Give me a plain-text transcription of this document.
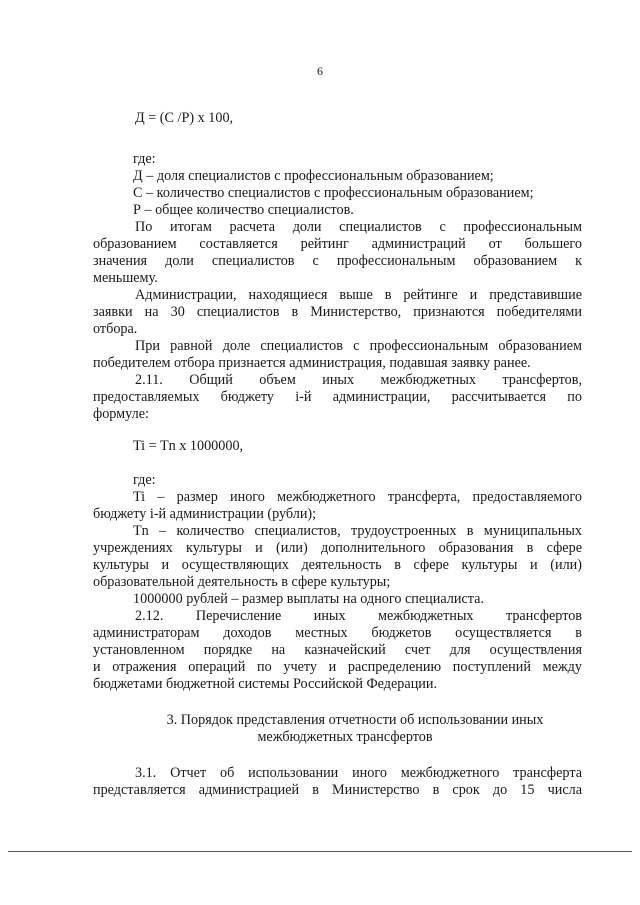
6
Д = (С /Р) х 100,
где:
Д – доля специалистов с профессиональным образованием;
С – количество специалистов с профессиональным образованием;
Р – общее количество специалистов.
По итогам расчета доли специалистов с профессиональным
образованием составляется рейтинг администраций от большего
значения доли специалистов с профессиональным образованием к
меньшему.
Администрации, находящиеся выше в рейтинге и представившие
заявки на 30 специалистов в Министерство, признаются победителями
отбора.
При равной доле специалистов с профессиональным образованием
победителем отбора признается администрация, подавшая заявку ранее.
2.11. Общий объем иных межбюджетных трансфертов,
предоставляемых бюджету i-й администрации, рассчитывается по
формуле:
Ti = Tn x 1000000,
где:
Ti – размер иного межбюджетного трансферта, предоставляемого
бюджету i-й администрации (рубли);
Tn – количество специалистов, трудоустроенных в муниципальных
учреждениях культуры и (или) дополнительного образования в сфере
культуры и осуществляющих деятельность в сфере культуры и (или)
образовательной деятельность в сфере культуры;
1000000 рублей – размер выплаты на одного специалиста.
2.12. Перечисление иных межбюджетных трансфертов
администраторам доходов местных бюджетов осуществляется в
установленном порядке на казначейский счет для осуществления
и отражения операций по учету и распределению поступлений между
бюджетами бюджетной системы Российской Федерации.
3. Порядок представления отчетности об использовании иных
межбюджетных трансфертов
3.1. Отчет об использовании иного межбюджетного трансферта
представляется администрацией в Министерство в срок до 15 числа
